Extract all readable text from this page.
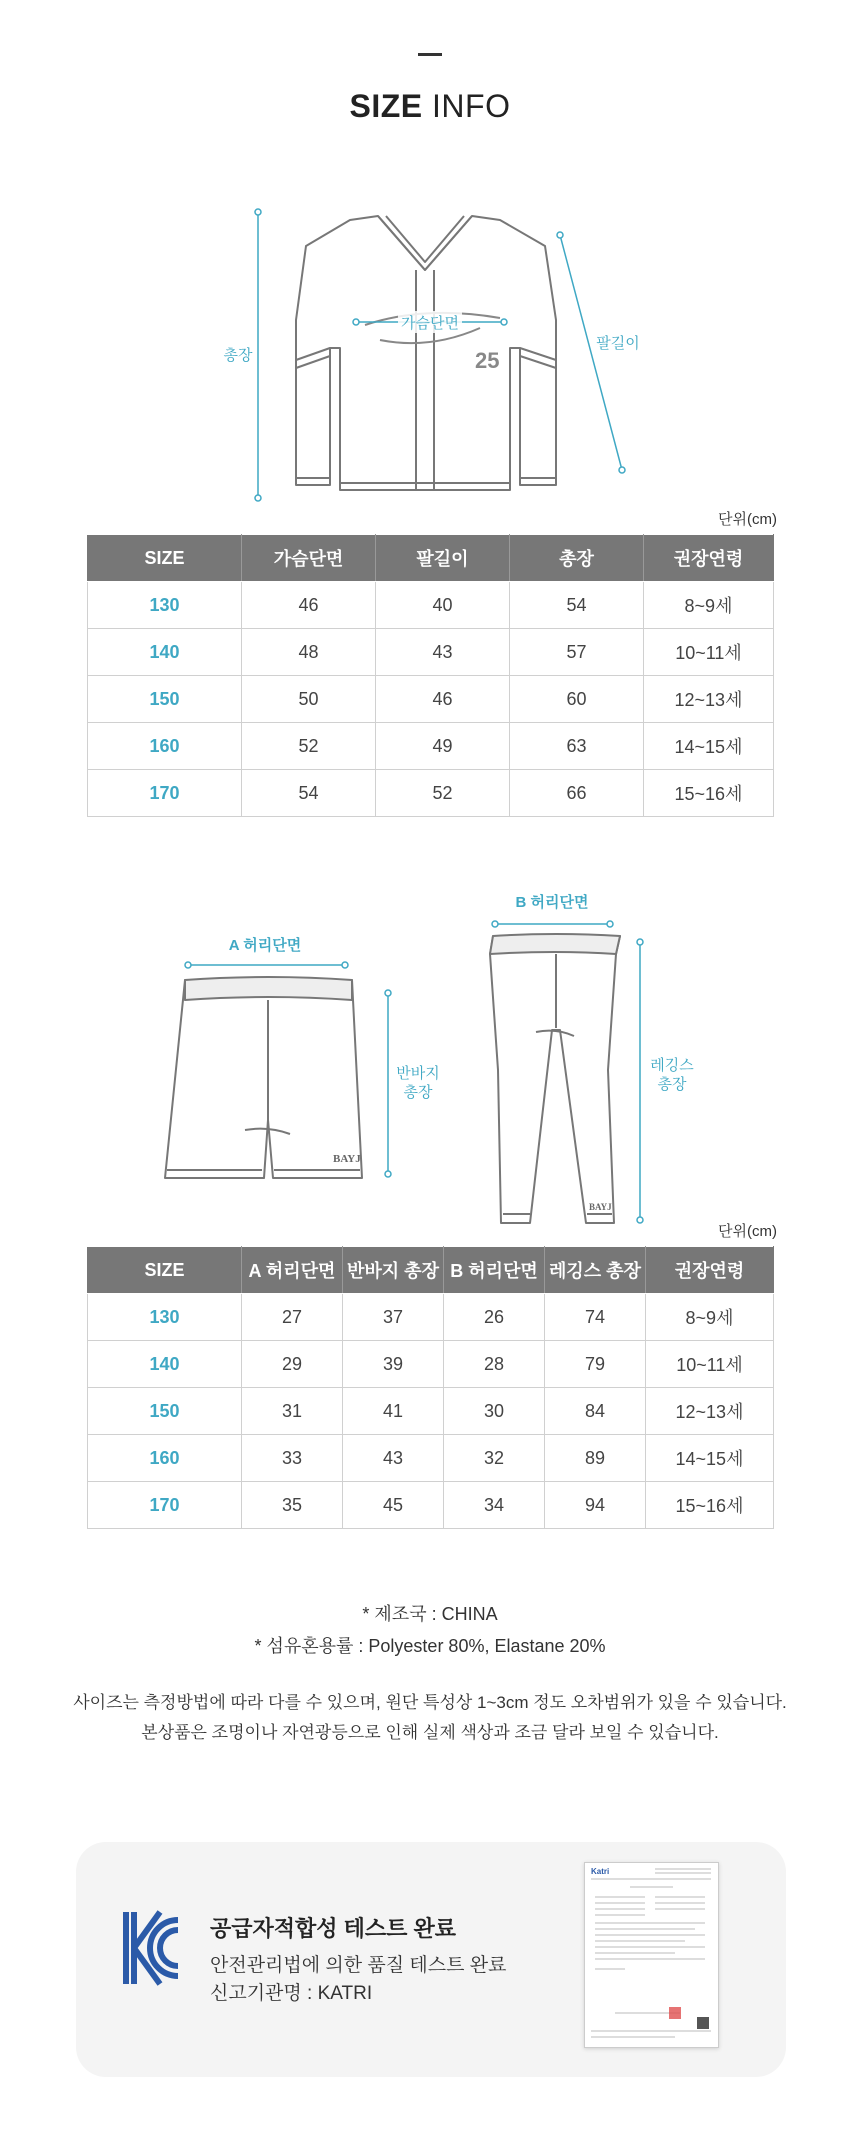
SIZE INFO
총장
팔길이
25
가슴단면
단위(cm)
SIZE	가슴단면	팔길이	총장	권장연령
130	46	40	54	8~9세
140	48	43	57	10~11세
150	50	46	60	12~13세
160	52	49	63	14~15세
170	54	52	66	15~16세
B 허리단면
A 허리단면
BAYJ
반바지
총장
BAYJ
레깅스
총장
단위(cm)
SIZE	A 허리단면	반바지 총장	B 허리단면	레깅스 총장	권장연령
130	27	37	26	74	8~9세
140	29	39	28	79	10~11세
150	31	41	30	84	12~13세
160	33	43	32	89	14~15세
170	35	45	34	94	15~16세
* 제조국 : CHINA
* 섬유혼용률 : Polyester 80%, Elastane 20%
사이즈는 측정방법에 따라 다를 수 있으며, 원단 특성상 1~3cm 정도 오차범위가 있을 수 있습니다.
본상품은 조명이나 자연광등으로 인해 실제 색상과 조금 달라 보일 수 있습니다.
공급자적합성 테스트 완료
안전관리법에 의한 품질 테스트 완료
신고기관명 : KATRI
Katri
